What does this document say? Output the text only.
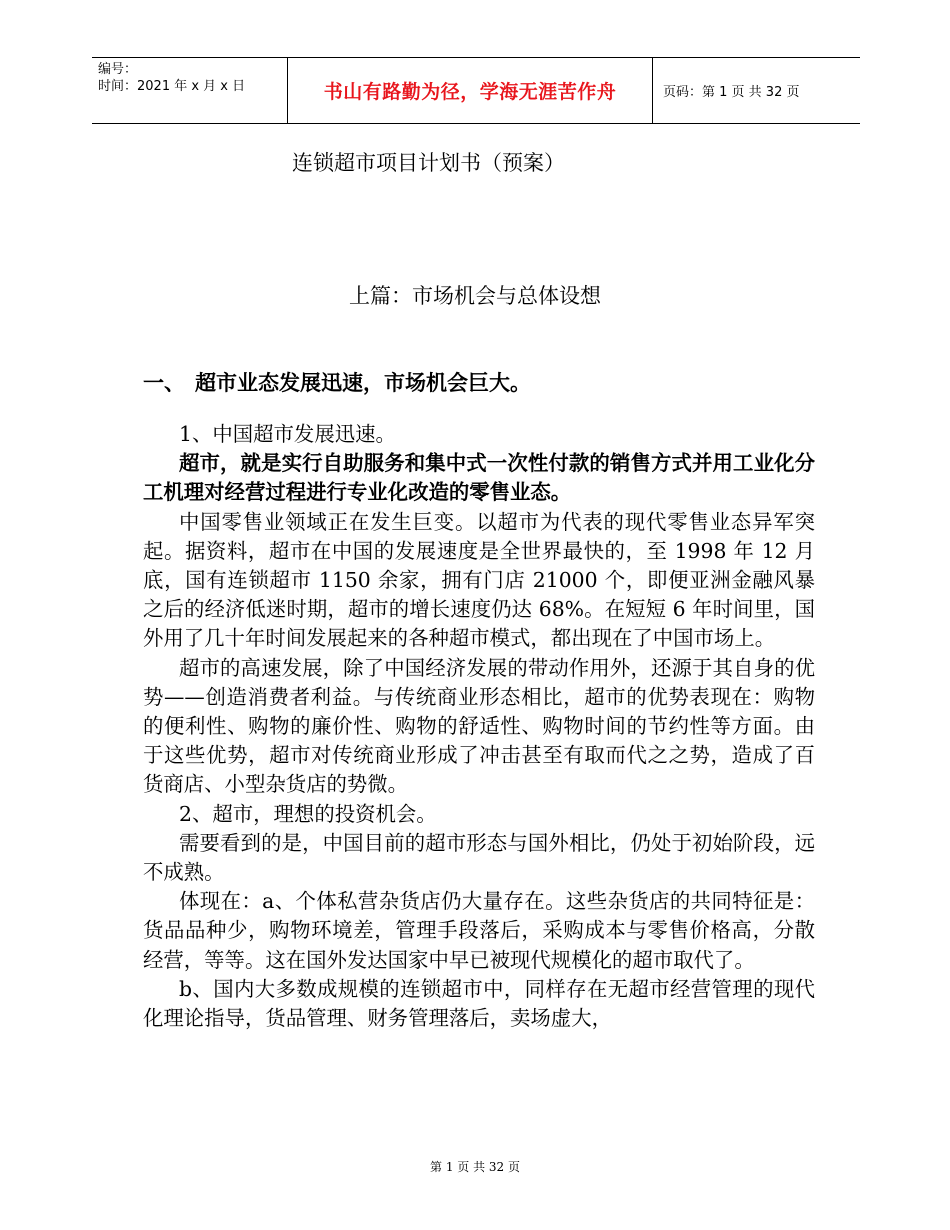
编号：
时间：2021 年 x 月 x 日	书山有路勤为径，学海无涯苦作舟	页码：第 1 页 共 32 页
连锁超市项目计划书（预案）
上篇：市场机会与总体设想
一、 超市业态发展迅速，市场机会巨大。

1、中国超市发展迅速。

超市，就是实行自助服务和集中式一次性付款的销售方式并用工业化分工机理对经营过程进行专业化改造的零售业态。

中国零售业领域正在发生巨变。以超市为代表的现代零售业态异军突起。据资料，超市在中国的发展速度是全世界最快的，至 1998 年 12 月底，国有连锁超市 1150 余家，拥有门店 21000 个，即便亚洲金融风暴之后的经济低迷时期，超市的增长速度仍达 68%。在短短 6 年时间里，国外用了几十年时间发展起来的各种超市模式，都出现在了中国市场上。

超市的高速发展，除了中国经济发展的带动作用外，还源于其自身的优势——创造消费者利益。与传统商业形态相比，超市的优势表现在：购物的便利性、购物的廉价性、购物的舒适性、购物时间的节约性等方面。由于这些优势，超市对传统商业形成了冲击甚至有取而代之之势，造成了百货商店、小型杂货店的势微。

2、超市，理想的投资机会。

需要看到的是，中国目前的超市形态与国外相比，仍处于初始阶段，远不成熟。

体现在：a、个体私营杂货店仍大量存在。这些杂货店的共同特征是：货品品种少，购物环境差，管理手段落后，采购成本与零售价格高，分散经营，等等。这在国外发达国家中早已被现代规模化的超市取代了。

b、国内大多数成规模的连锁超市中，同样存在无超市经营管理的现代化理论指导，货品管理、财务管理落后，卖场虚大，

第 1 页 共 32 页
